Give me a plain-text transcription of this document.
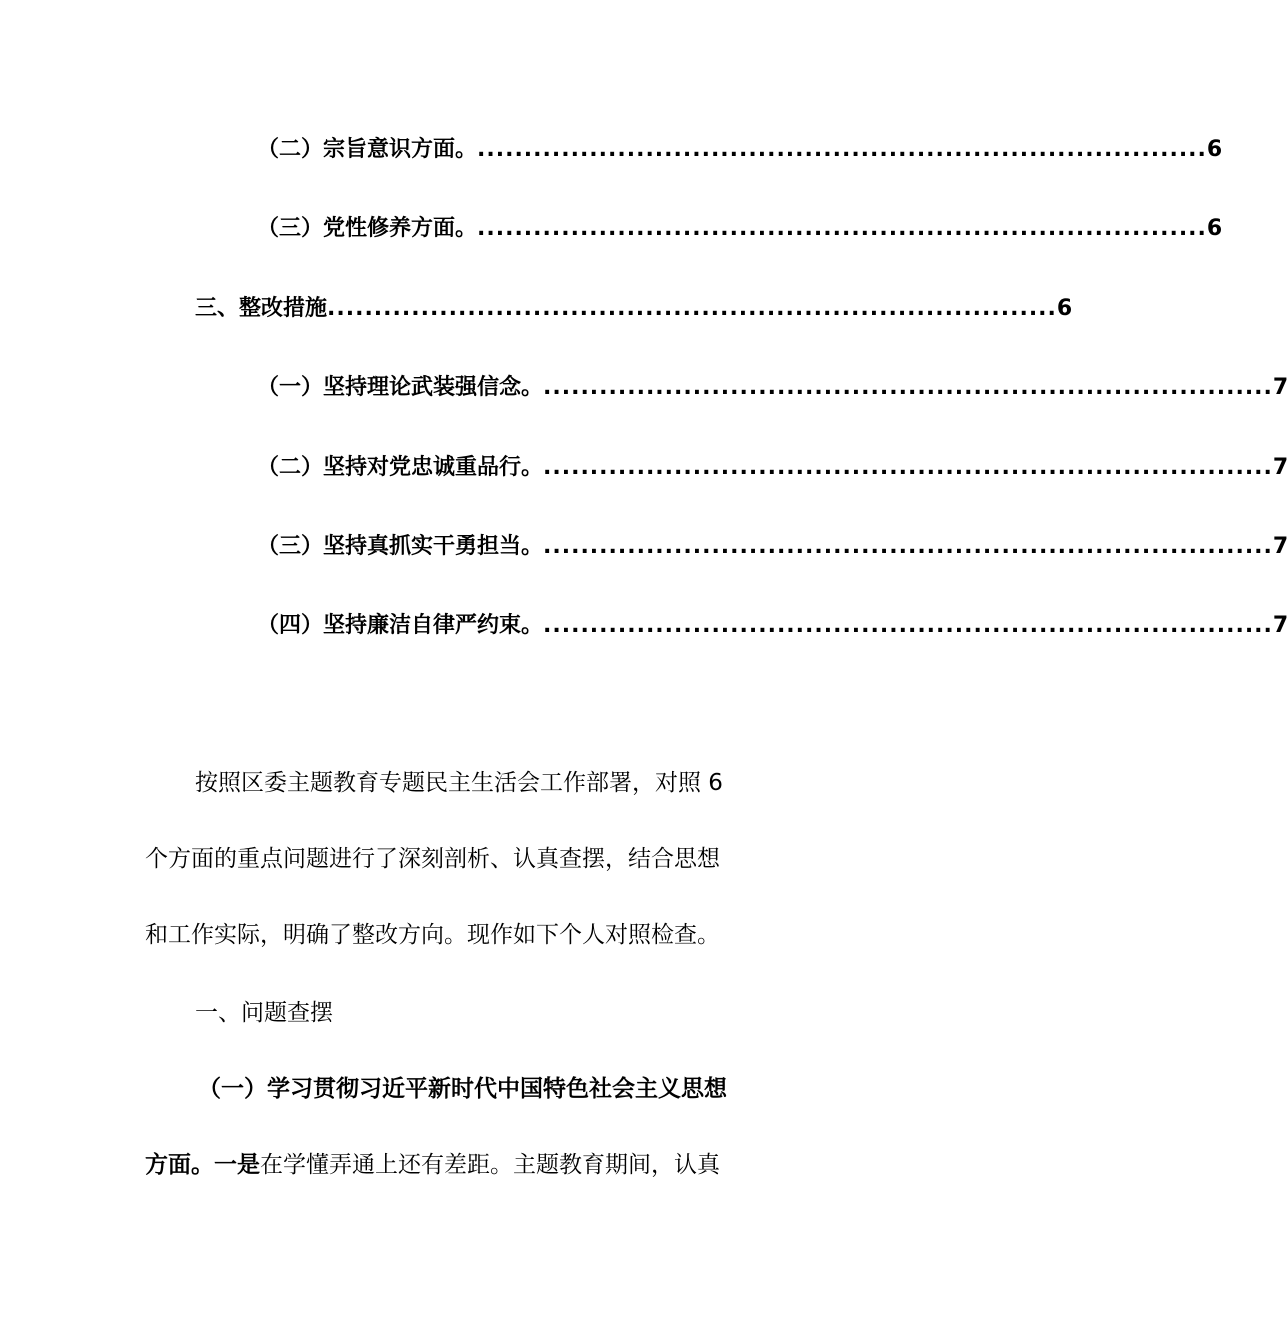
（二）宗旨意识方面。 .............................................................................. 6
（三）党性修养方面。 .............................................................................. 6
三、整改措施 .............................................................................. 6
（一）坚持理论武装强信念。 .............................................................................. 7
（二）坚持对党忠诚重品行。 .............................................................................. 7
（三）坚持真抓实干勇担当。 .............................................................................. 7
（四）坚持廉洁自律严约束。 .............................................................................. 7
按照区委主题教育专题民主生活会工作部署，对照 6
个方面的重点问题进行了深刻剖析、认真查摆，结合思想
和工作实际，明确了整改方向。现作如下个人对照检查。
一、问题查摆
（一）学习贯彻习近平新时代中国特色社会主义思想
方面。一是在学懂弄通上还有差距。主题教育期间，认真
